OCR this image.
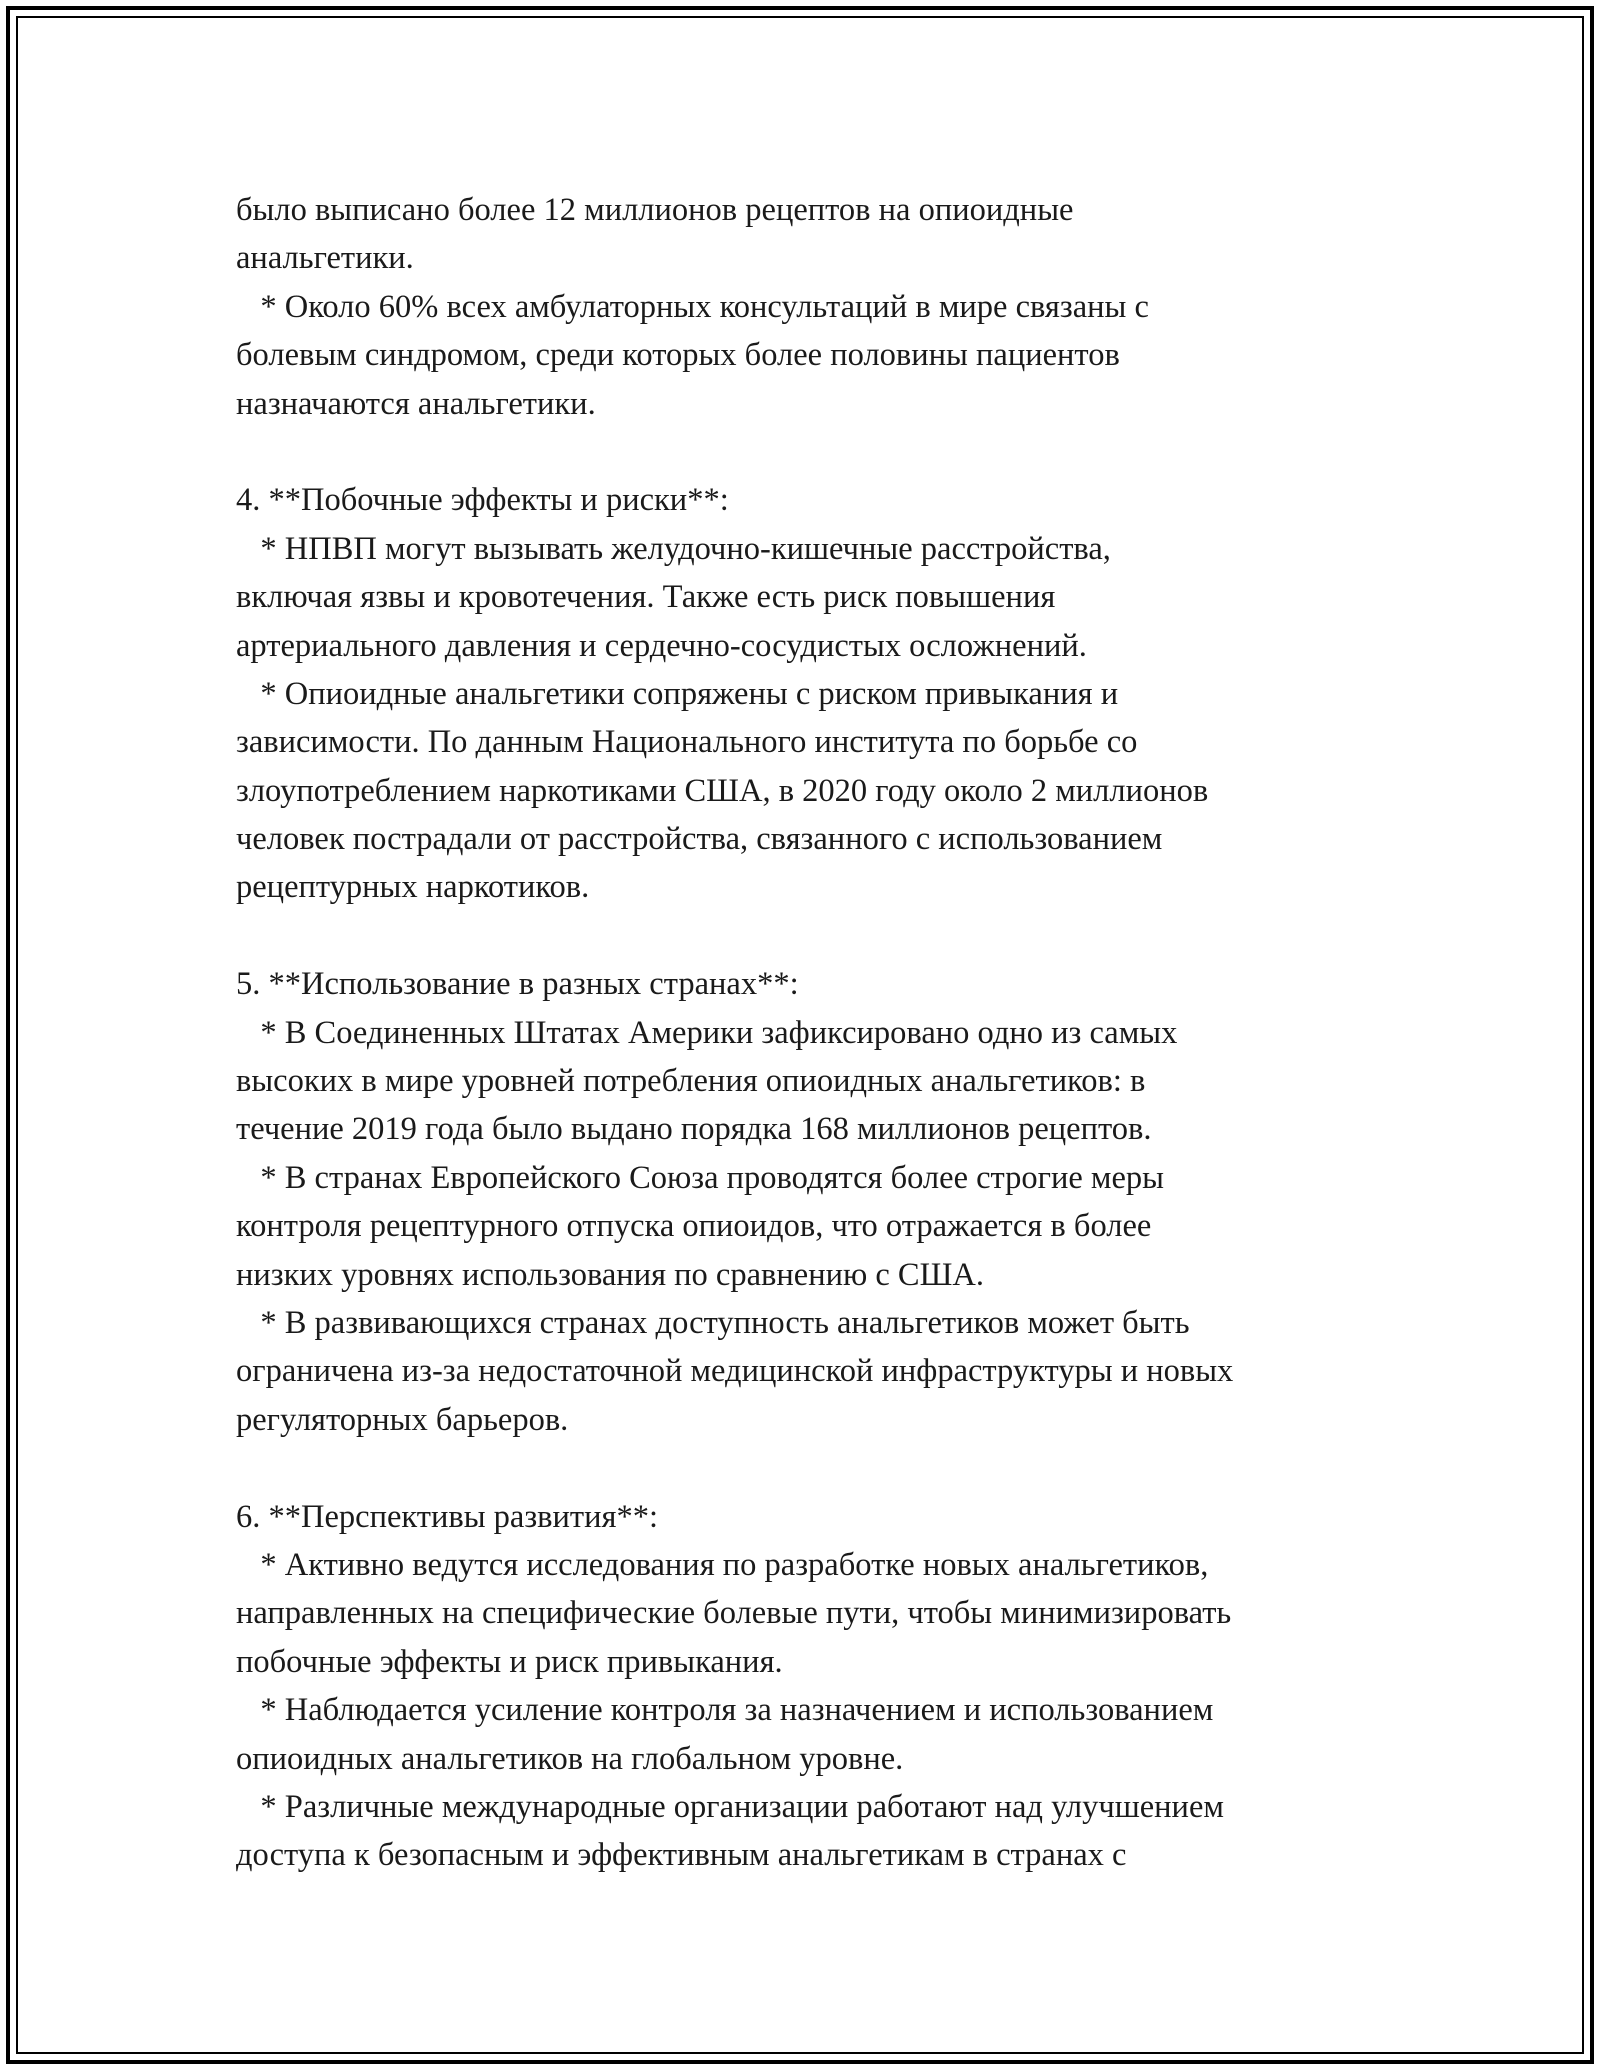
было выписано более 12 миллионов рецептов на опиоидные
анальгетики.
* Около 60% всех амбулаторных консультаций в мире связаны с
болевым синдромом, среди которых более половины пациентов
назначаются анальгетики.
4. **Побочные эффекты и риски**:
* НПВП могут вызывать желудочно-кишечные расстройства,
включая язвы и кровотечения. Также есть риск повышения
артериального давления и сердечно-сосудистых осложнений.
* Опиоидные анальгетики сопряжены с риском привыкания и
зависимости. По данным Национального института по борьбе со
злоупотреблением наркотиками США, в 2020 году около 2 миллионов
человек пострадали от расстройства, связанного с использованием
рецептурных наркотиков.
5. **Использование в разных странах**:
* В Соединенных Штатах Америки зафиксировано одно из самых
высоких в мире уровней потребления опиоидных анальгетиков: в
течение 2019 года было выдано порядка 168 миллионов рецептов.
* В странах Европейского Союза проводятся более строгие меры
контроля рецептурного отпуска опиоидов, что отражается в более
низких уровнях использования по сравнению с США.
* В развивающихся странах доступность анальгетиков может быть
ограничена из-за недостаточной медицинской инфраструктуры и новых
регуляторных барьеров.
6. **Перспективы развития**:
* Активно ведутся исследования по разработке новых анальгетиков,
направленных на специфические болевые пути, чтобы минимизировать
побочные эффекты и риск привыкания.
* Наблюдается усиление контроля за назначением и использованием
опиоидных анальгетиков на глобальном уровне.
* Различные международные организации работают над улучшением
доступа к безопасным и эффективным анальгетикам в странах с
